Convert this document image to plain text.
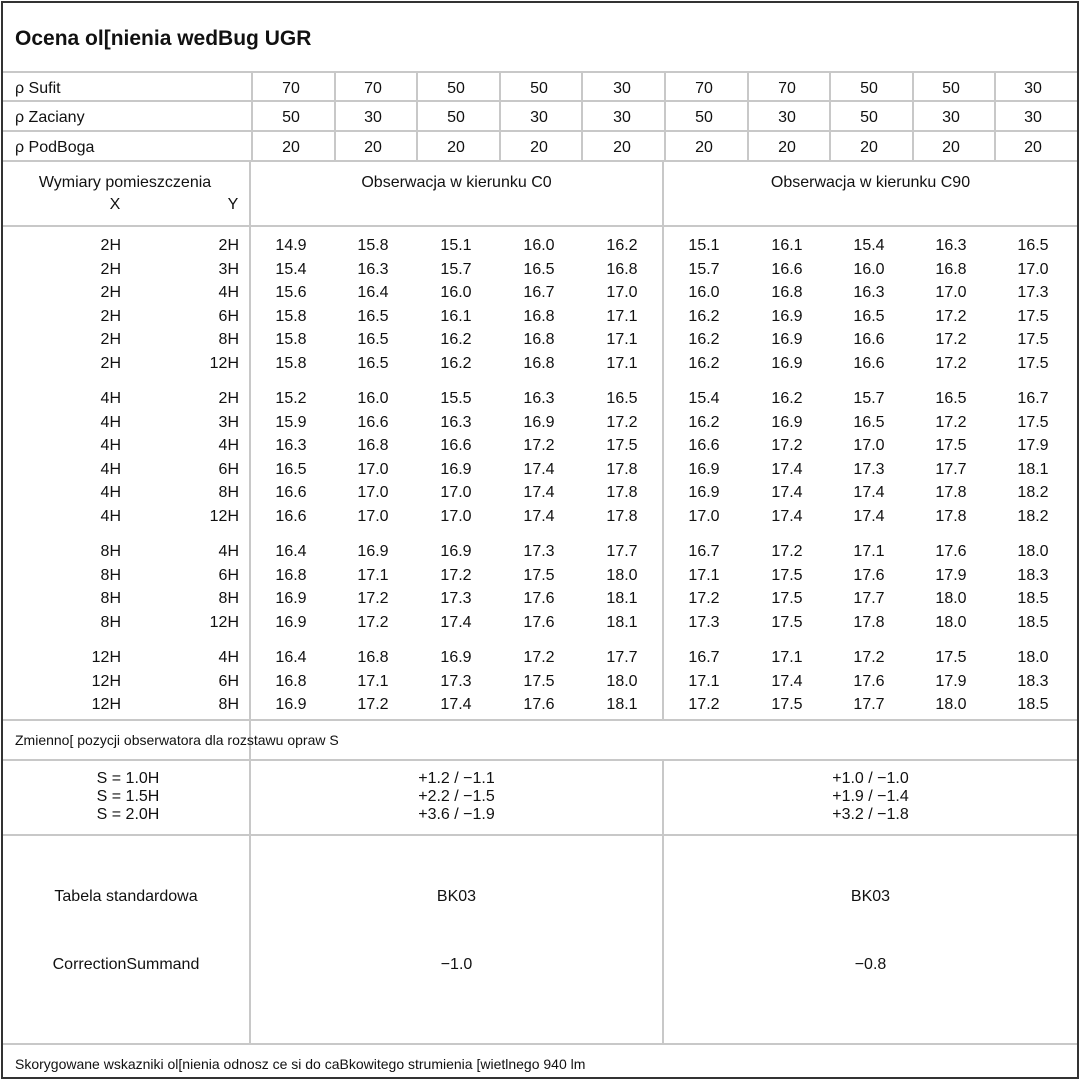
Ocena ol[nienia wedBug UGR
ρ Sufit	70	70	50	50	30	70	70	50	50	30
ρ Zaciany	50	30	50	30	30	50	30	50	30	30
ρ PodBoga	20	20	20	20	20	20	20	20	20	20
Wymiary pomieszczenia
X	Y
Obserwacja w kierunku C0	Obserwacja w kierunku C90
2H	2H	14.9	15.8	15.1	16.0	16.2	15.1	16.1	15.4	16.3	16.5
2H	3H	15.4	16.3	15.7	16.5	16.8	15.7	16.6	16.0	16.8	17.0
2H	4H	15.6	16.4	16.0	16.7	17.0	16.0	16.8	16.3	17.0	17.3
2H	6H	15.8	16.5	16.1	16.8	17.1	16.2	16.9	16.5	17.2	17.5
2H	8H	15.8	16.5	16.2	16.8	17.1	16.2	16.9	16.6	17.2	17.5
2H	12H	15.8	16.5	16.2	16.8	17.1	16.2	16.9	16.6	17.2	17.5
4H	2H	15.2	16.0	15.5	16.3	16.5	15.4	16.2	15.7	16.5	16.7
4H	3H	15.9	16.6	16.3	16.9	17.2	16.2	16.9	16.5	17.2	17.5
4H	4H	16.3	16.8	16.6	17.2	17.5	16.6	17.2	17.0	17.5	17.9
4H	6H	16.5	17.0	16.9	17.4	17.8	16.9	17.4	17.3	17.7	18.1
4H	8H	16.6	17.0	17.0	17.4	17.8	16.9	17.4	17.4	17.8	18.2
4H	12H	16.6	17.0	17.0	17.4	17.8	17.0	17.4	17.4	17.8	18.2
8H	4H	16.4	16.9	16.9	17.3	17.7	16.7	17.2	17.1	17.6	18.0
8H	6H	16.8	17.1	17.2	17.5	18.0	17.1	17.5	17.6	17.9	18.3
8H	8H	16.9	17.2	17.3	17.6	18.1	17.2	17.5	17.7	18.0	18.5
8H	12H	16.9	17.2	17.4	17.6	18.1	17.3	17.5	17.8	18.0	18.5
12H	4H	16.4	16.8	16.9	17.2	17.7	16.7	17.1	17.2	17.5	18.0
12H	6H	16.8	17.1	17.3	17.5	18.0	17.1	17.4	17.6	17.9	18.3
12H	8H	16.9	17.2	17.4	17.6	18.1	17.2	17.5	17.7	18.0	18.5
Zmienno[ pozycji obserwatora dla rozstawu opraw S
S = 1.0H	+1.2 / −1.1	+1.0 / −1.0
S = 1.5H	+2.2 / −1.5	+1.9 / −1.4
S = 2.0H	+3.6 / −1.9	+3.2 / −1.8
Tabela standardowa	BK03	BK03
CorrectionSummand	−1.0	−0.8
Skorygowane wskazniki ol[nienia odnosz ce si do caBkowitego strumienia [wietlnego 940 lm
